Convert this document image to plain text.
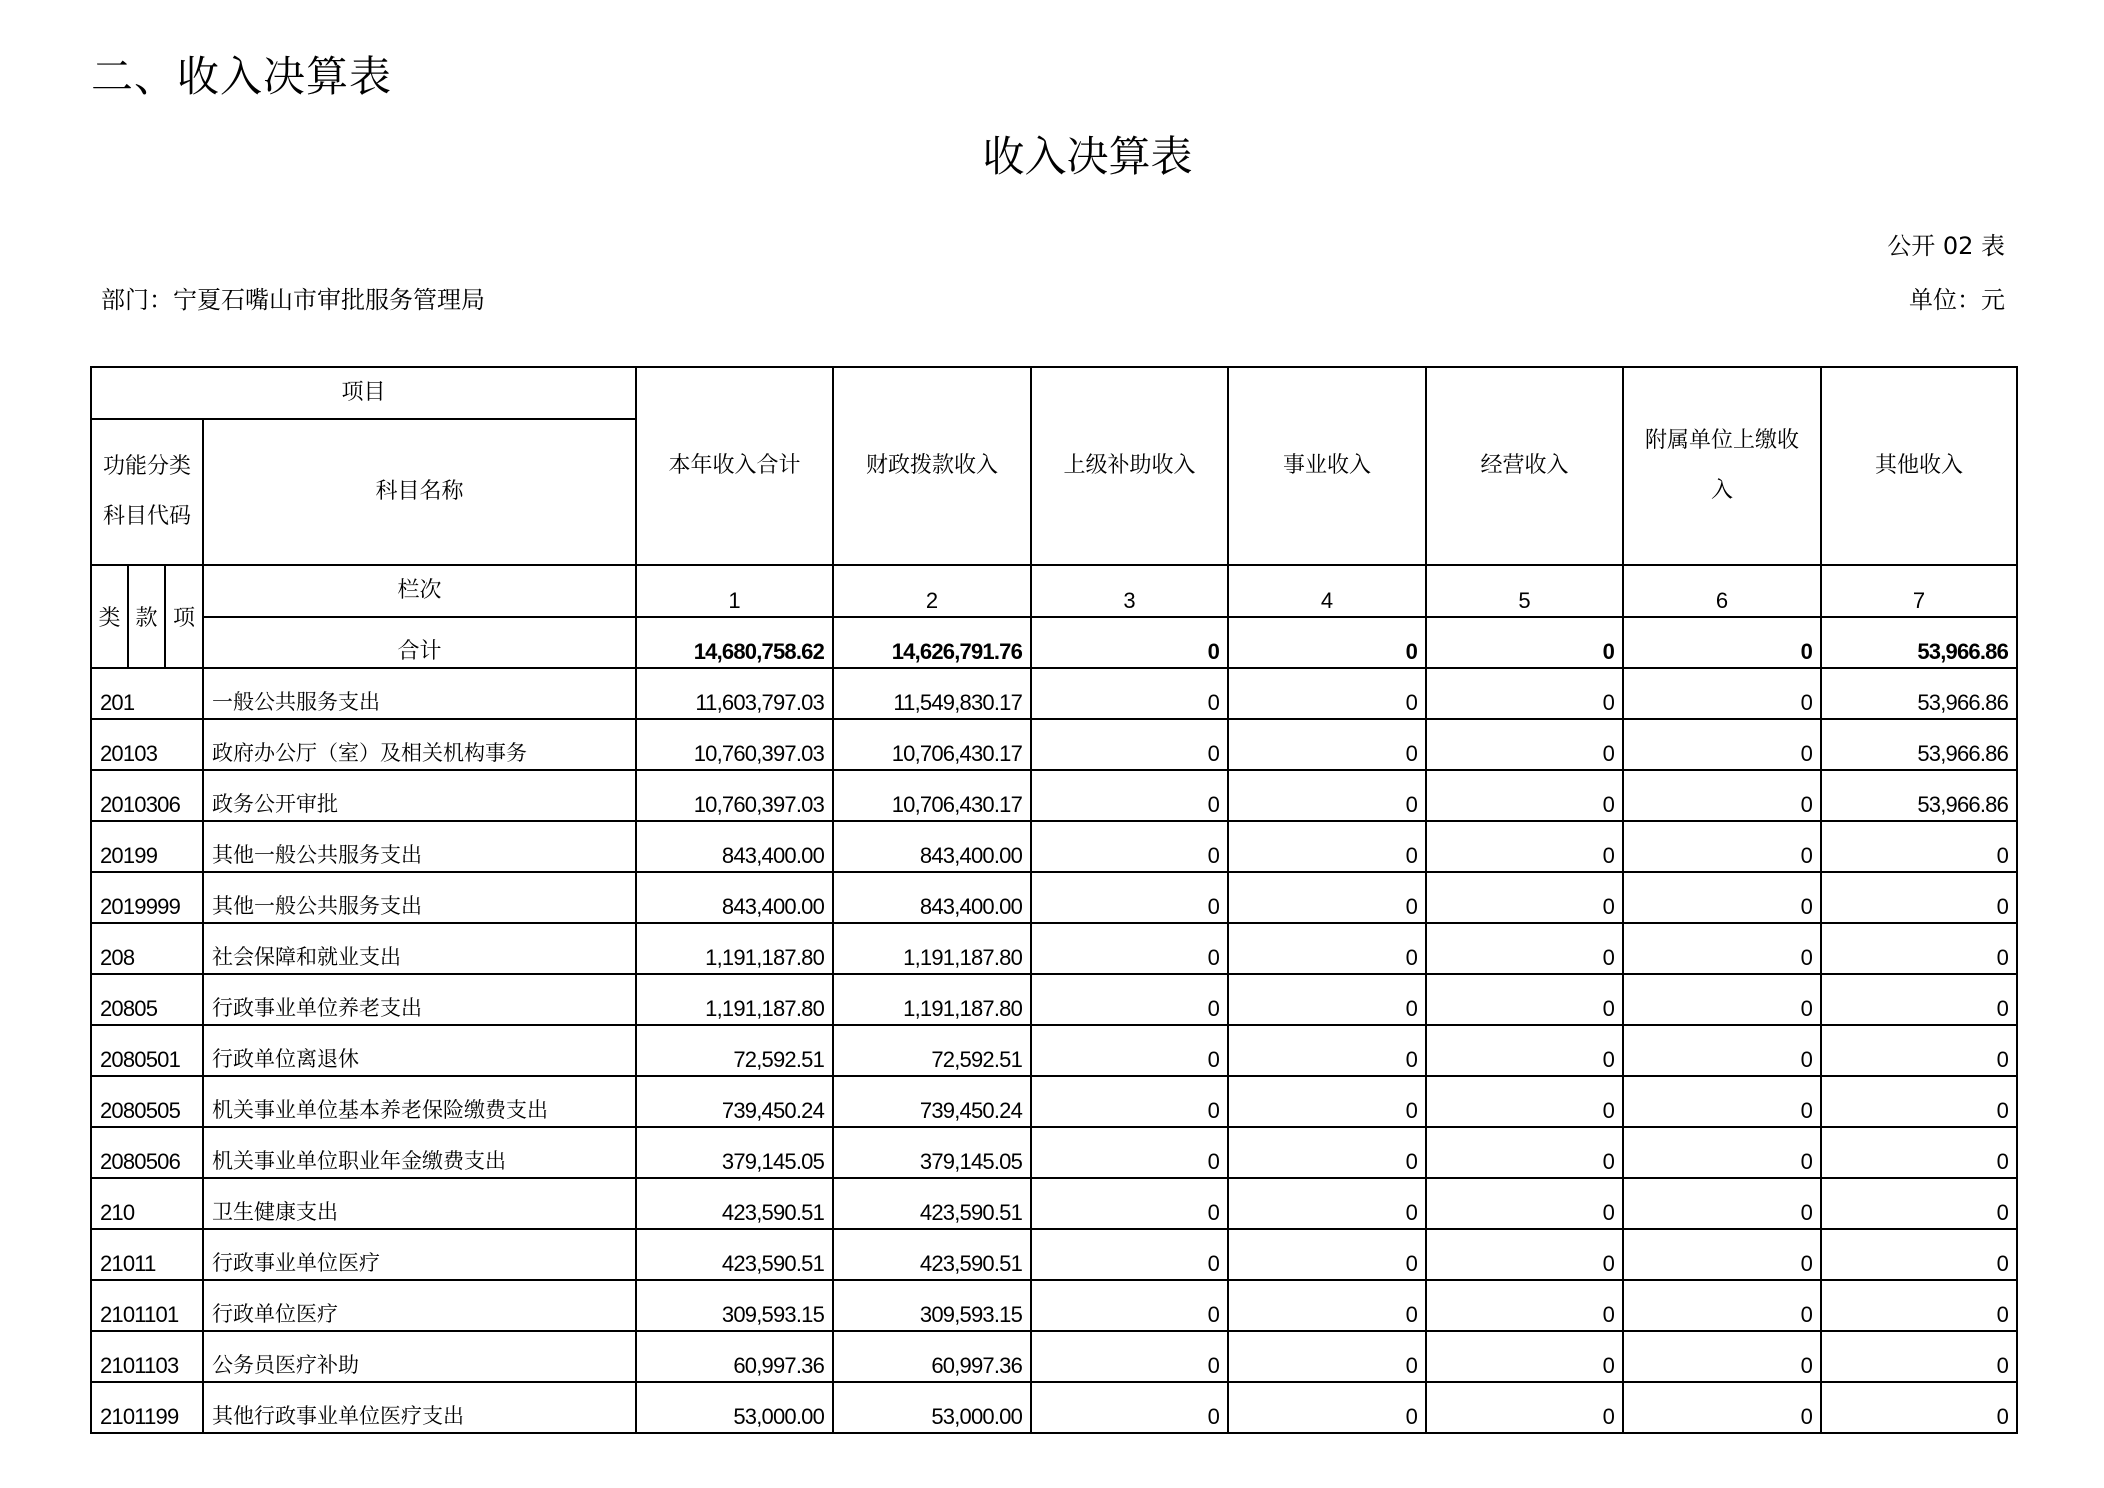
二、收入决算表
收入决算表
公开 02 表
部门：宁夏石嘴山市审批服务管理局	单位：元
项目				本年收入合计	财政拨款收入	上级补助收入	事业收入	经营收入	附属单位上缴收入	其他收入

功能分类
科目代码			科目名称							
类	款	项	栏次	1	2	3	4	5	6	7
			合计	14,680,758.62	14,626,791.76	0	0	0	0	53,966.86
201			一般公共服务支出	11,603,797.03	11,549,830.17	0	0	0	0	53,966.86
20103			政府办公厅（室）及相关机构事务	10,760,397.03	10,706,430.17	0	0	0	0	53,966.86
2010306			政务公开审批	10,760,397.03	10,706,430.17	0	0	0	0	53,966.86
20199			其他一般公共服务支出	843,400.00	843,400.00	0	0	0	0	0
2019999			其他一般公共服务支出	843,400.00	843,400.00	0	0	0	0	0
208			社会保障和就业支出	1,191,187.80	1,191,187.80	0	0	0	0	0
20805			行政事业单位养老支出	1,191,187.80	1,191,187.80	0	0	0	0	0
2080501			行政单位离退休	72,592.51	72,592.51	0	0	0	0	0
2080505			机关事业单位基本养老保险缴费支出	739,450.24	739,450.24	0	0	0	0	0
2080506			机关事业单位职业年金缴费支出	379,145.05	379,145.05	0	0	0	0	0
210			卫生健康支出	423,590.51	423,590.51	0	0	0	0	0
21011			行政事业单位医疗	423,590.51	423,590.51	0	0	0	0	0
2101101			行政单位医疗	309,593.15	309,593.15	0	0	0	0	0
2101103			公务员医疗补助	60,997.36	60,997.36	0	0	0	0	0
2101199			其他行政事业单位医疗支出	53,000.00	53,000.00	0	0	0	0	0
